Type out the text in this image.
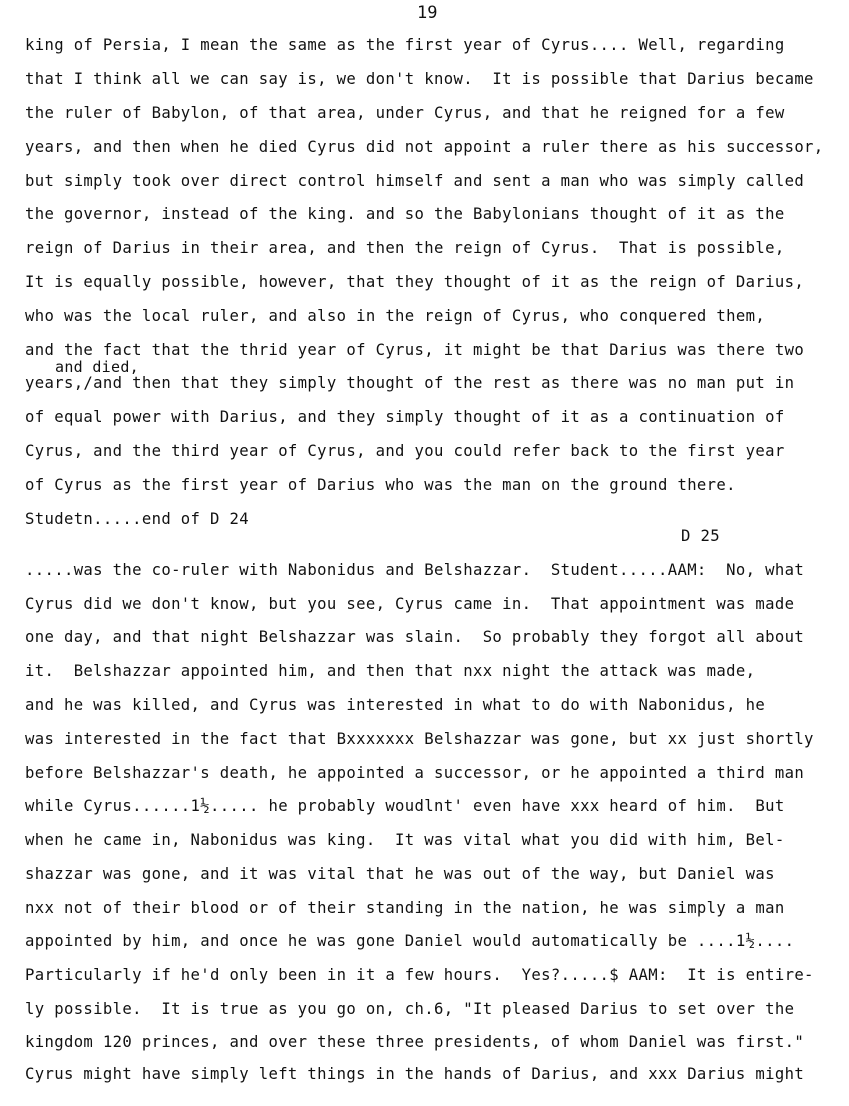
19
king of Persia, I mean the same as the first year of Cyrus.... Well, regarding
that I think all we can say is, we don't know.  It is possible that Darius became
the ruler of Babylon, of that area, under Cyrus, and that he reigned for a few
years, and then when he died Cyrus did not appoint a ruler there as his successor,
but simply took over direct control himself and sent a man who was simply called
the governor, instead of the king. and so the Babylonians thought of it as the
reign of Darius in their area, and then the reign of Cyrus.  That is possible,
It is equally possible, however, that they thought of it as the reign of Darius,
who was the local ruler, and also in the reign of Cyrus, who conquered them,
and the fact that the thrid year of Cyrus, it might be that Darius was there two
and died,
years,/and then that they simply thought of the rest as there was no man put in
of equal power with Darius, and they simply thought of it as a continuation of
Cyrus, and the third year of Cyrus, and you could refer back to the first year
of Cyrus as the first year of Darius who was the man on the ground there.
Studetn.....end of D 24
D 25
.....was the co-ruler with Nabonidus and Belshazzar.  Student.....AAM:  No, what
Cyrus did we don't know, but you see, Cyrus came in.  That appointment was made
one day, and that night Belshazzar was slain.  So probably they forgot all about
it.  Belshazzar appointed him, and then that nxx night the attack was made,
and he was killed, and Cyrus was interested in what to do with Nabonidus, he
was interested in the fact that Bxxxxxxx Belshazzar was gone, but xx just shortly
before Belshazzar's death, he appointed a successor, or he appointed a third man
while Cyrus......1½..... he probably woudlnt' even have xxx heard of him.  But
when he came in, Nabonidus was king.  It was vital what you did with him, Bel-
shazzar was gone, and it was vital that he was out of the way, but Daniel was
nxx not of their blood or of their standing in the nation, he was simply a man
appointed by him, and once he was gone Daniel would automatically be ....1½....
Particularly if he'd only been in it a few hours.  Yes?.....$ AAM:  It is entire-
ly possible.  It is true as you go on, ch.6, "It pleased Darius to set over the
kingdom 120 princes, and over these three presidents, of whom Daniel was first."
Cyrus might have simply left things in the hands of Darius, and xxx Darius might
